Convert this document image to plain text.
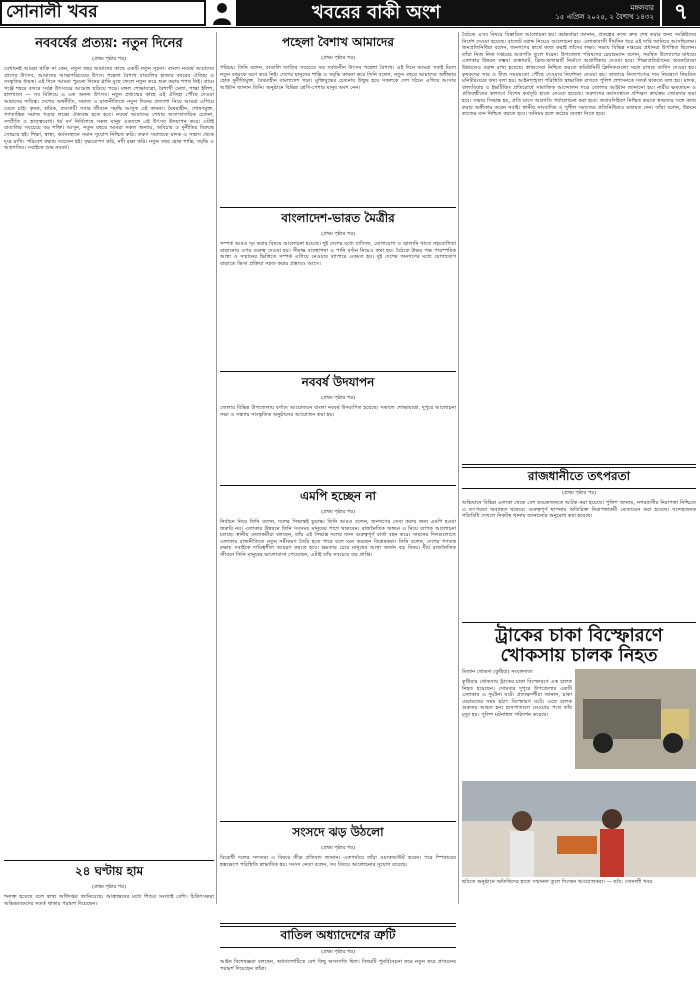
সোনালী খবর	খবরের বাকী অংশ	মঙ্গলবার
১৫ এপ্রিল ২০২৫, ২ বৈশাখ ১৪৩২ ৭
নববর্ষের প্রত্যয়: নতুন দিনের
(প্রথম পৃষ্ঠার পর)
যেখানেই আমরা থাকি না কেন, নতুন বছর আমাদের কাছে একটি নতুন সূচনা। বাংলা নববর্ষ আমাদের প্রাণের উৎসব, আমাদের আত্মপরিচয়ের উৎস। পহেলা বৈশাখ বাঙালির হাজার বছরের ঐতিহ্য ও সংস্কৃতির ধারক। এই দিনে আমরা পুরনো দিনের গ্লানি মুছে ফেলে নতুন করে শুরু করার শপথ নিই। গ্রামে গঞ্জে শহরে বন্দরে সর্বত্র উৎসবের আমেজ ছড়িয়ে পড়ে। মঙ্গল শোভাযাত্রা, বৈশাখী মেলা, পান্তা ইলিশ, হালখাতা — সব মিলিয়ে এ এক অনন্য উৎসব। নতুন প্রজন্মের কাছে এই ঐতিহ্য পৌঁছে দেওয়া আমাদের দায়িত্ব। দেশের অর্থনীতি, সমাজ ও রাজনীতিতে নতুন দিনের প্রত্যাশা নিয়ে আমরা এগিয়ে যেতে চাই। কৃষক, শ্রমিক, ব্যবসায়ী সবার জীবনে সমৃদ্ধি আসুক এই কামনা। বৈষম্যহীন, শোষণমুক্ত, গণতান্ত্রিক সমাজ গড়ার লক্ষ্যে ঐক্যবদ্ধ হতে হবে। নববর্ষ আমাদের শেখায় অসাম্প্রদায়িক চেতনা, সম্প্রীতি ও ভ্রাতৃত্ববোধ। ধর্ম বর্ণ নির্বিশেষে সকল মানুষ একসঙ্গে এই উৎসব উদযাপন করে। এটাই বাঙালির সবচেয়ে বড় শক্তি। আসুন, নতুন বছরে আমরা সকল অন্যায়, অবিচার ও দুর্নীতির বিরুদ্ধে সোচ্চার হই। শিক্ষা, স্বাস্থ্য, কর্মসংস্থানে সমান সুযোগ নিশ্চিত করি। তরুণ সমাজকে মাদক ও সন্ত্রাস থেকে দূরে রাখি। পরিবেশ রক্ষায় সচেতন হই। বৃক্ষরোপণ করি, নদী রক্ষা করি। নতুন বছর হোক শান্তি, সমৃদ্ধি ও অগ্রগতির। সবাইকে শুভ নববর্ষ।
২৪ ঘণ্টায় হাম
(প্রথম পৃষ্ঠার পর)
শনাক্ত হয়েছে বলে স্বাস্থ্য অধিদপ্তর জানিয়েছে। আক্রান্তদের মধ্যে শিশুর সংখ্যাই বেশি। চিকিৎসকরা অভিভাবকদের সতর্ক থাকার পরামর্শ দিয়েছেন।
পহেলা বৈশাখ আমাদের
(প্রথম পৃষ্ঠার পর)
পরিচয়। তিনি বলেন, বাঙালি জাতির সবচেয়ে বড় সর্বজনীন উৎসব পহেলা বৈশাখ। এই দিনে আমরা সবাই মিলে নতুন বছরকে বরণ করে নিই। দেশের মানুষের শান্তি ও সমৃদ্ধি কামনা করে তিনি বলেন, নতুন বছরে আমাদের অঙ্গীকার হোক দুর্নীতিমুক্ত, বৈষম্যহীন বাংলাদেশ গড়া। মুক্তিযুদ্ধের চেতনায় উদ্বুদ্ধ হয়ে সকলকে দেশ গঠনে এগিয়ে আসার আহ্বান জানান তিনি। অনুষ্ঠানে বিভিন্ন শ্রেণি-পেশার মানুষ অংশ নেন।
বাংলাদেশ-ভারত মৈত্রীর
(প্রথম পৃষ্ঠার পর)
সম্পর্ক আরও দৃঢ় করার বিষয়ে আলোচনা হয়েছে। দুই দেশের মধ্যে বাণিজ্য, যোগাযোগ ও জ্বালানি খাতে সহযোগিতা বাড়ানোর ওপর গুরুত্ব দেওয়া হয়। সীমান্ত ব্যবস্থাপনা ও পানি বণ্টন নিয়েও কথা হয়। বৈঠকে উভয় পক্ষ পারস্পরিক আস্থা ও সম্মানের ভিত্তিতে সম্পর্ক এগিয়ে নেওয়ার ব্যাপারে একমত হয়। দুই দেশের জনগণের মধ্যে যোগাযোগ বাড়াতে ভিসা প্রক্রিয়া সহজ করার প্রস্তাবও আসে।
নববর্ষ উদযাপন
(প্রথম পৃষ্ঠার পর)
জেলার বিভিন্ন উপজেলায় বর্ণাঢ্য আয়োজনে বাংলা নববর্ষ উদযাপিত হয়েছে। সকালে শোভাযাত্রা, দুপুরে আলোচনা সভা ও সন্ধ্যায় সাংস্কৃতিক অনুষ্ঠানের আয়োজন করা হয়।
এমপি হচ্ছেন না
(প্রথম পৃষ্ঠার পর)
নির্বাচন নিয়ে তিনি বলেন, দলের সিদ্ধান্তই চূড়ান্ত। তিনি আরও বলেন, জনগণের সেবা করার জন্য এমপি হওয়া জরুরি নয়। এলাকার উন্নয়নে তিনি সবসময় মানুষের পাশে থাকবেন। রাজনৈতিক অঙ্গনে এ নিয়ে ব্যাপক আলোচনা চলছে। স্থানীয় নেতাকর্মীরা বলছেন, তাঁর এই সিদ্ধান্ত দলের জন্য গুরুত্বপূর্ণ বার্তা বহন করে। সামনের দিনগুলোতে এলাকার রাজনীতিতে নতুন সমীকরণ তৈরি হতে পারে বলে মনে করছেন বিশ্লেষকরা। তিনি বলেন, দেশের গণতন্ত্র রক্ষায় সবাইকে দায়িত্বশীল আচরণ করতে হবে। ক্ষমতার চেয়ে মানুষের আস্থা অর্জন বড় বিষয়। দীর্ঘ রাজনৈতিক জীবনে তিনি মানুষের ভালোবাসা পেয়েছেন, এটাই তাঁর সবচেয়ে বড় প্রাপ্তি।
সংসদে ঝড় উঠলো
(প্রথম পৃষ্ঠার পর)
বিরোধী দলের সদস্যরা এ বিষয়ে তীব্র প্রতিবাদ জানান। একপর্যায়ে তাঁরা ওয়াকআউট করেন। পরে স্পিকারের হস্তক্ষেপে পরিস্থিতি স্বাভাবিক হয়। সংসদ নেতা বলেন, সব বিষয়ে আলোচনার সুযোগ রয়েছে।
বাতিল অধ্যাদেশের ত্রুটি
(প্রথম পৃষ্ঠার পর)
আইন বিশেষজ্ঞরা বলছেন, অধ্যাদেশটিতে বেশ কিছু অসংগতি ছিল। বিষয়টি পুনর্বিবেচনা করে নতুন করে প্রণয়নের পরামর্শ দিয়েছেন তাঁরা।
বৈঠকে এসব বিষয়ে বিস্তারিত আলোচনা হয়। কর্মকর্তারা জানান, প্রকল্পের কাজ দ্রুত শেষ করার জন্য সংশ্লিষ্টদের নির্দেশ দেওয়া হয়েছে। বাজেট বরাদ্দ নিয়েও আলোচনা হয়। এলাকাবাসী দীর্ঘদিন ধরে এই দাবি জানিয়ে আসছিলেন। জনপ্রতিনিধিরা বলেন, জনগণের স্বার্থে কাজ করাই তাঁদের লক্ষ্য। সভায় বিভিন্ন দপ্তরের প্রধানরা উপস্থিত ছিলেন। তাঁরা নিজ নিজ দপ্তরের অগ্রগতি তুলে ধরেন। উপজেলা পরিষদের চেয়ারম্যান বলেন, সমন্বিত উদ্যোগের মাধ্যমে এলাকার উন্নয়ন সম্ভব। রাস্তাঘাট, ব্রিজ-কালভার্ট নির্মাণে অগ্রাধিকার দেওয়া হবে। শিক্ষাপ্রতিষ্ঠানের অবকাঠামো উন্নয়নেও বরাদ্দ রাখা হয়েছে। স্বাস্থ্যসেবা নিশ্চিত করতে কমিউনিটি ক্লিনিকগুলো সচল রাখার তাগিদ দেওয়া হয়। কৃষকদের সার ও বীজ সময়মতো পৌঁছে দেওয়ার নির্দেশনা দেওয়া হয়। বাজারে নিত্যপণ্যের দাম নিয়ন্ত্রণে নিয়মিত মনিটরিংয়ের কথা বলা হয়। আইনশৃঙ্খলা পরিস্থিতি স্বাভাবিক রাখতে পুলিশ প্রশাসনকে সতর্ক থাকতে বলা হয়। মাদক, বাল্যবিবাহ ও ইভটিজিং প্রতিরোধে সামাজিক আন্দোলন গড়ে তোলার আহ্বান জানানো হয়। নারীর ক্ষমতায়ন ও প্রতিবন্ধীদের কল্যাণে বিশেষ কর্মসূচি হাতে নেওয়া হয়েছে। তরুণদের কর্মসংস্থানে প্রশিক্ষণ কার্যক্রম জোরদার করা হবে। সভায় সিদ্ধান্ত হয়, প্রতি মাসে অগ্রগতি পর্যালোচনা করা হবে। জবাবদিহিতা নিশ্চিত করতে স্বচ্ছতার সঙ্গে কাজ করার অঙ্গীকার করেন সবাই। স্থানীয় সাংবাদিক ও সুশীল সমাজের প্রতিনিধিরাও মতামত দেন। তাঁরা বলেন, উন্নয়ন কাজের মান নিশ্চিত করতে হবে। অনিয়ম হলে কঠোর ব্যবস্থা নিতে হবে।
রাজধানীতে তৎপরতা
(প্রথম পৃষ্ঠার পর)
অভিযানে বিভিন্ন এলাকা থেকে বেশ কয়েকজনকে আটক করা হয়েছে। পুলিশ জানায়, নগরবাসীর নিরাপত্তা নিশ্চিতে এ তৎপরতা অব্যাহত থাকবে। গুরুত্বপূর্ণ স্থাপনায় অতিরিক্ত নিরাপত্তাকর্মী মোতায়েন করা হয়েছে। সন্দেহজনক গতিবিধি দেখলে নিকটস্থ থানায় জানানোর অনুরোধ করা হয়েছে।
ট্রাকের চাকা বিস্ফোরণে খোকসায় চালক নিহত
মিজান খোকসা (কুষ্টিয়া) সংবাদদাতা
কুষ্টিয়ার খোকসায় ট্রাকের চাকা বিস্ফোরণে এক চালক নিহত হয়েছেন। সোমবার দুপুরে উপজেলার একটি এলাকায় এ দুর্ঘটনা ঘটে। প্রত্যক্ষদর্শীরা জানান, চাকা মেরামতের সময় হঠাৎ বিস্ফোরণ ঘটে। এতে চালক গুরুতর আহত হন। হাসপাতালে নেওয়ার পথে তাঁর মৃত্যু হয়। পুলিশ ঘটনাস্থল পরিদর্শন করেছে।
ছবিতে অনুষ্ঠানে অতিথিদের হাতে সম্মাননা তুলে দিচ্ছেন আয়োজকরা। — ছবি: সোনালী খবর
